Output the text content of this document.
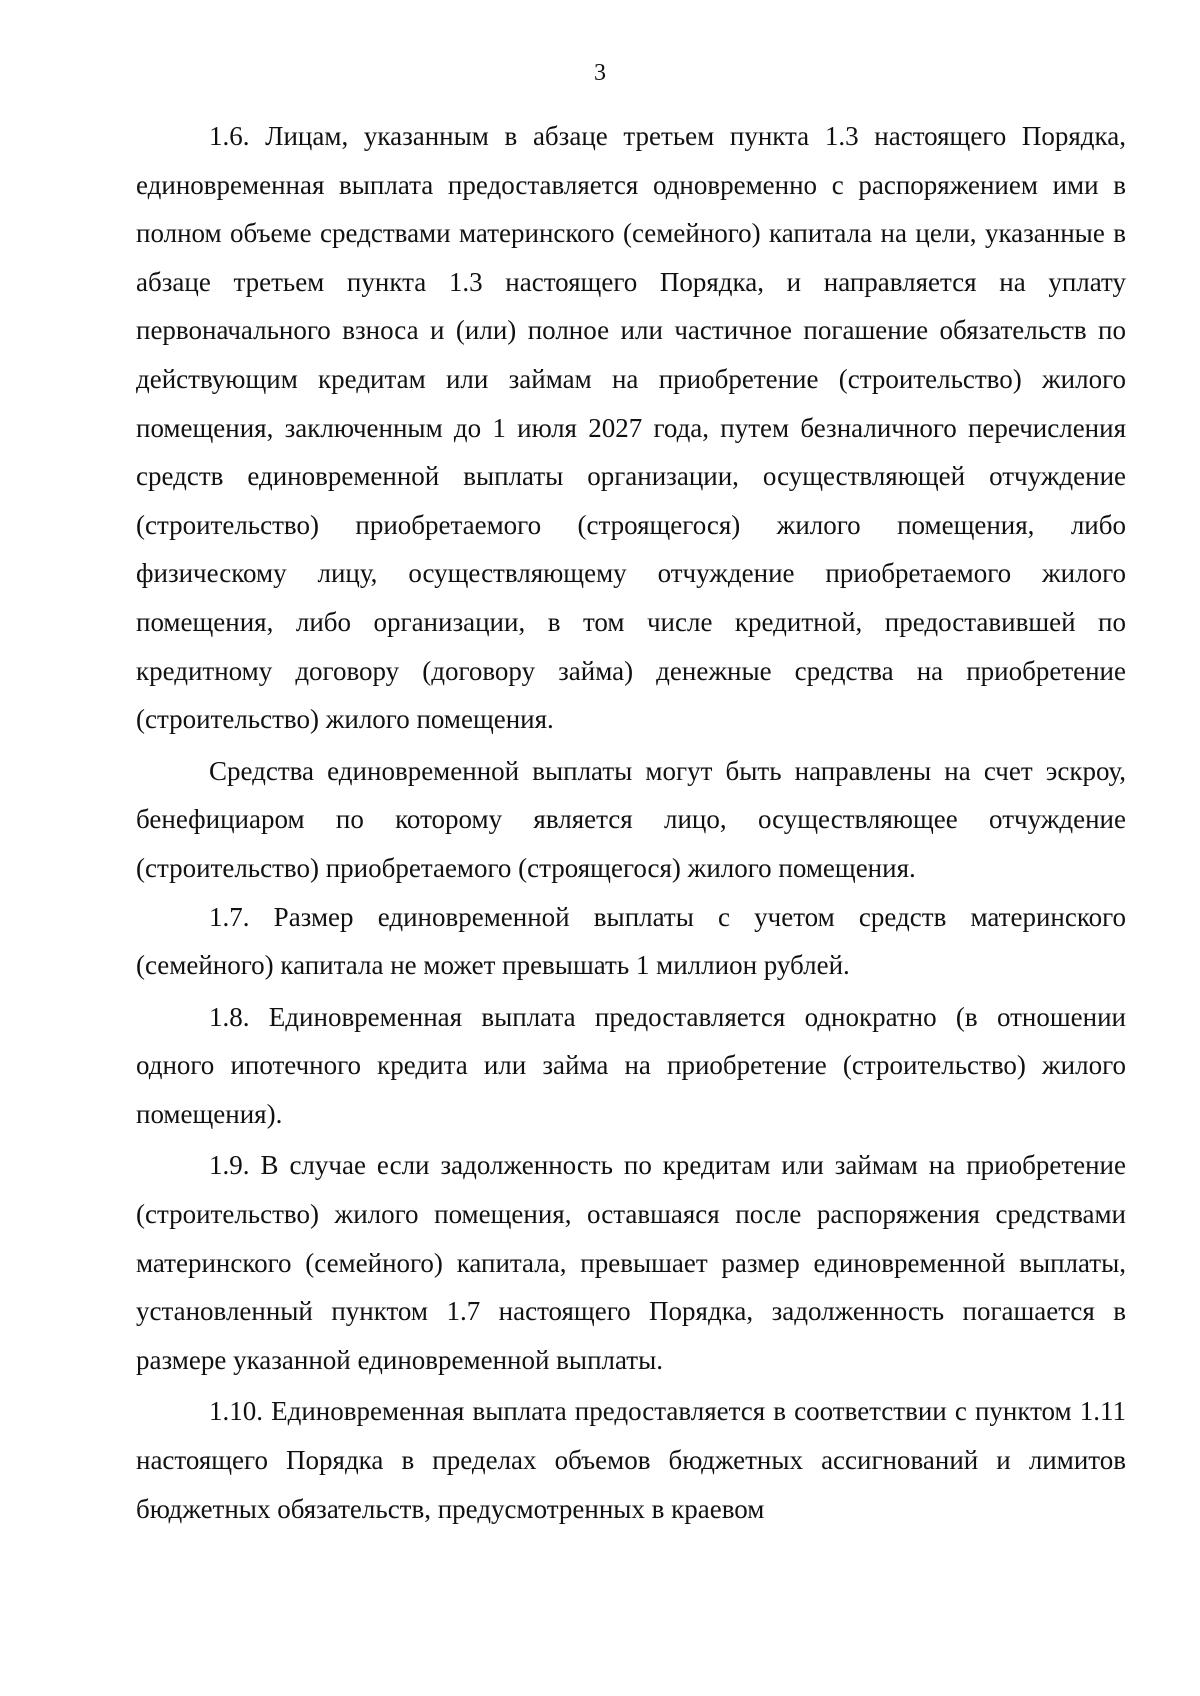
3

1.6. Лицам, указанным в абзаце третьем пункта 1.3 настоящего Порядка, единовременная выплата предоставляется одновременно с распоряжением ими в полном объеме средствами материнского (семейного) капитала на цели, указанные в абзаце третьем пункта 1.3 настоящего Порядка, и направляется на уплату первоначального взноса и (или) полное или частичное погашение обязательств по действующим кредитам или займам на приобретение (строительство) жилого помещения, заключенным до 1 июля 2027 года, путем безналичного перечисления средств единовременной выплаты организации, осуществляющей отчуждение (строительство) приобретаемого (строящегося) жилого помещения, либо физическому лицу, осуществляющему отчуждение приобретаемого жилого помещения, либо организации, в том числе кредитной, предоставившей по кредитному договору (договору займа) денежные средства на приобретение (строительство) жилого помещения.

Средства единовременной выплаты могут быть направлены на счет эскроу, бенефициаром по которому является лицо, осуществляющее отчуждение (строительство) приобретаемого (строящегося) жилого помещения.

1.7. Размер единовременной выплаты с учетом средств материнского (семейного) капитала не может превышать 1 миллион рублей.

1.8. Единовременная выплата предоставляется однократно (в отношении одного ипотечного кредита или займа на приобретение (строительство) жилого помещения).

1.9. В случае если задолженность по кредитам или займам на приобретение (строительство) жилого помещения, оставшаяся после распоряжения средствами материнского (семейного) капитала, превышает размер единовременной выплаты, установленный пунктом 1.7 настоящего Порядка, задолженность погашается в размере указанной единовременной выплаты.

1.10. Единовременная выплата предоставляется в соответствии с пунктом 1.11 настоящего Порядка в пределах объемов бюджетных ассигнований и лимитов бюджетных обязательств, предусмотренных в краевом
